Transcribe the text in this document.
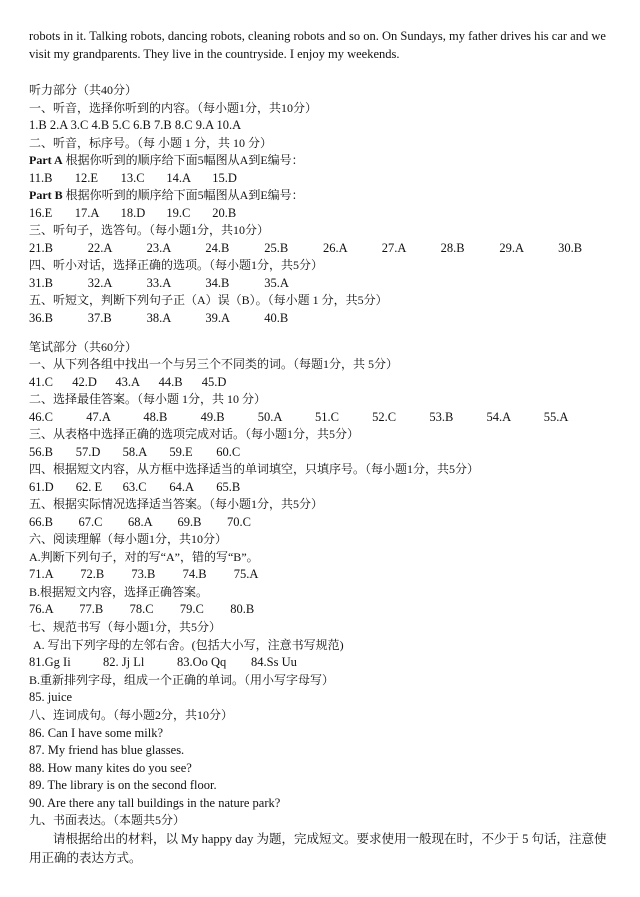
robots in it. Talking robots, dancing robots, cleaning robots and so on. On Sundays, my father drives his car and we
visit my grandparents. They live in the countryside. I enjoy my weekends.
听力部分（共40分）
一、听音，选择你听到的内容。（每小题1分，共10分）
1.B 2.A 3.C 4.B 5.C 6.B 7.B 8.C 9.A 10.A
二、听音，标序号。（每 小题 1 分，共 10 分）
Part A 根据你听到的顺序给下面5幅图从A到E编号：
11.B	12.E	13.C	14.A	15.D
Part B 根据你听到的顺序给下面5幅图从A到E编号：
16.E	17.A	18.D	19.C	20.B
三、听句子，选答句。（每小题1分，共10分）
21.B	22.A	23.A	24.B	25.B	26.A	27.A	28.B	29.A	30.B
四、听小对话，选择正确的选项。（每小题1分，共5分）
31.B	32.A	33.A	34.B	35.A
五、听短文，判断下列句子正（A）误（B）。（每小题 1 分，共5分）
36.B	37.B	38.A	39.A	40.B
笔试部分（共60分）
一、从下列各组中找出一个与另三个不同类的词。（每题1分，共 5分）
41.C	42.D	43.A	44.B	45.D
二、选择最佳答案。（每小题 1分，共 10 分）
46.C	47.A	48.B	49.B	50.A	51.C	52.C	53.B	54.A	55.A
三、从表格中选择正确的选项完成对话。（每小题1分，共5分）
56.B	57.D	58.A	59.E	60.C
四、根据短文内容，从方框中选择适当的单词填空，只填序号。（每小题1分，共5分）
61.D	62. E	63.C	64.A	65.B
五、根据实际情况选择适当答案。（每小题1分，共5分）
66.B	67.C	68.A	69.B	70.C
六、阅读理解（每小题1分，共10分）
A.判断下列句子，对的写“A”，错的写“B”。
71.A	72.B	73.B	74.B	75.A
B.根据短文内容，选择正确答案。
76.A	77.B	78.C	79.C	80.B
七、规范书写（每小题1分，共5分）
A. 写出下列字母的左邻右舍。(包括大小写，注意书写规范)
81.Gg Ii	82. Jj Ll	83.Oo Qq	84.Ss Uu
B.重新排列字母，组成一个正确的单词。（用小写字母写）
85. juice
八、连词成句。（每小题2分，共10分）
86. Can I have some milk?
87. My friend has blue glasses.
88. How many kites do you see?
89. The library is on the second floor.
90. Are there any tall buildings in the nature park?
九、书面表达。（本题共5分）
请根据给出的材料，以 My happy day 为题，完成短文。要求使用一般现在时，不少于 5 句话，注意使用正确的表达方式。
